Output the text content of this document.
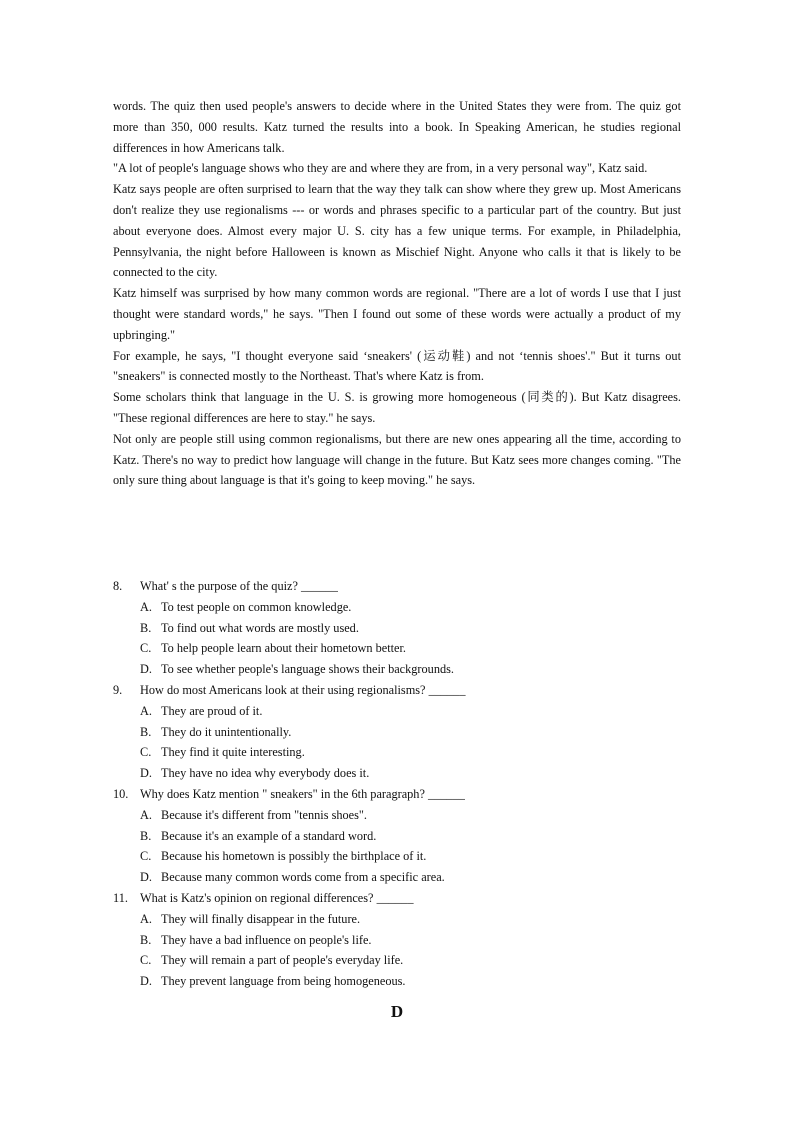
words. The quiz then used people's answers to decide where in the United States they were from. The quiz got more than 350, 000 results. Katz turned the results into a book. In Speaking American, he studies regional differences in how Americans talk.

"A lot of people's language shows who they are and where they are from, in a very personal way", Katz said.

Katz says people are often surprised to learn that the way they talk can show where they grew up. Most Americans don't realize they use regionalisms --- or words and phrases specific to a particular part of the country. But just about everyone does. Almost every major U. S. city has a few unique terms. For example, in Philadelphia, Pennsylvania, the night before Halloween is known as Mischief Night. Anyone who calls it that is likely to be connected to the city.

Katz himself was surprised by how many common words are regional. "There are a lot of words I use that I just thought were standard words," he says. "Then I found out some of these words were actually a product of my upbringing."

For example, he says, "I thought everyone said ‘sneakers' (运动鞋) and not ‘tennis shoes'." But it turns out "sneakers" is connected mostly to the Northeast. That's where Katz is from.

Some scholars think that language in the U. S. is growing more homogeneous (同类的). But Katz disagrees. "These regional differences are here to stay." he says.

Not only are people still using common regionalisms, but there are new ones appearing all the time, according to Katz. There's no way to predict how language will change in the future. But Katz sees more changes coming. "The only sure thing about language is that it's going to keep moving." he says.

8.	What' s the purpose of the quiz? ______
A. To test people on common knowledge.
B. To find out what words are mostly used.
C. To help people learn about their hometown better.
D. To see whether people's language shows their backgrounds.
9.	How do most Americans look at their using regionalisms? ______
A. They are proud of it.
B. They do it unintentionally.
C. They find it quite interesting.
D. They have no idea why everybody does it.
10. Why does Katz mention " sneakers" in the 6th paragraph? ______
A. Because it's different from "tennis shoes".
B. Because it's an example of a standard word.
C. Because his hometown is possibly the birthplace of it.
D. Because many common words come from a specific area.
11. What is Katz's opinion on regional differences? ______
A. They will finally disappear in the future.
B. They have a bad influence on people's life.
C. They will remain a part of people's everyday life.
D. They prevent language from being homogeneous.
D
